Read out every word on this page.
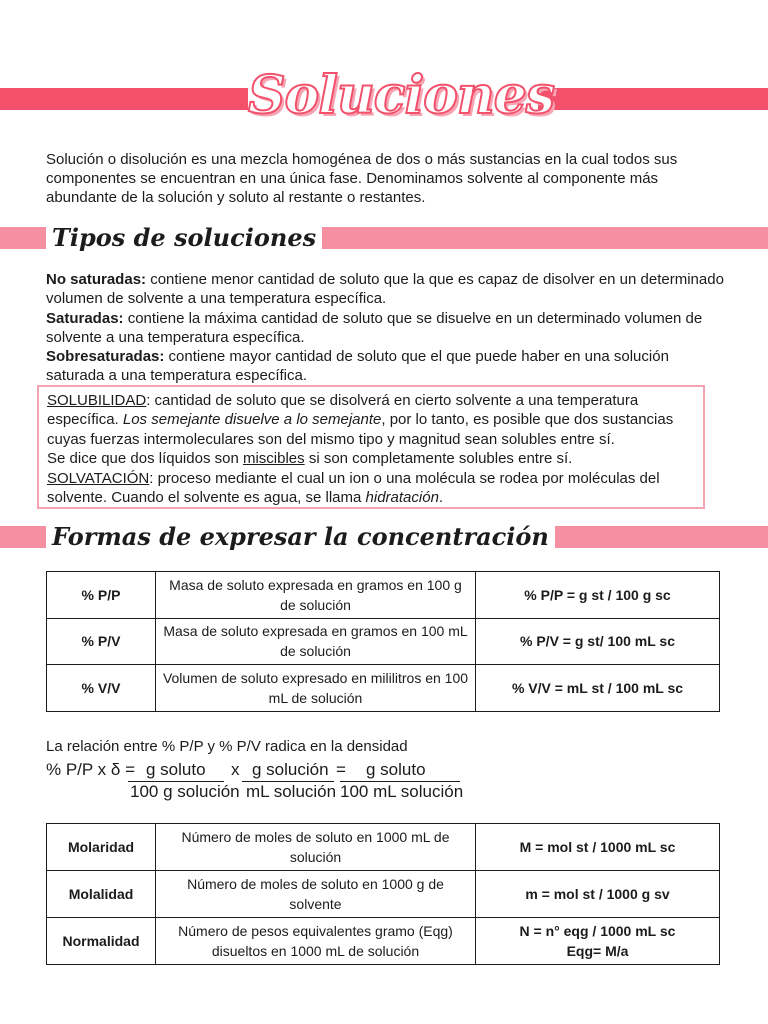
Soluciones

Solución o disolución es una mezcla homogénea de dos o más sustancias en la cual todos sus componentes se encuentran en una única fase. Denominamos solvente al componente más abundante de la solución y soluto al restante o restantes.

Tipos de soluciones

No saturadas: contiene menor cantidad de soluto que la que es capaz de disolver en un determinado volumen de solvente a una temperatura específica.

Saturadas: contiene la máxima cantidad de soluto que se disuelve en un determinado volumen de solvente a una temperatura específica.

Sobresaturadas: contiene mayor cantidad de soluto que el que puede haber en una solución saturada a una temperatura específica.

SOLUBILIDAD: cantidad de soluto que se disolverá en cierto solvente a una temperatura específica. Los semejante disuelve a lo semejante, por lo tanto, es posible que dos sustancias cuyas fuerzas intermoleculares son del mismo tipo y magnitud sean solubles entre sí.

Se dice que dos líquidos son miscibles si son completamente solubles entre sí.

SOLVATACIÓN: proceso mediante el cual un ion o una molécula se rodea por moléculas del solvente. Cuando el solvente es agua, se llama hidratación.

Formas de expresar la concentración
% P/P	Masa de soluto expresada en gramos en 100 g de solución	% P/P = g st / 100 g sc
% P/V	Masa de soluto expresada en gramos en 100 mL de solución	% P/V = g st/ 100 mL sc
% V/V	Volumen de soluto expresado en mililitros en 100 mL de solución	% V/V = mL st / 100 mL sc
La relación entre % P/P y % P/V radica en la densidad
% P/P x δ = g soluto
100 g solución
x g solución
mL solución
= g soluto
100 mL solución
Molaridad	Número de moles de soluto en 1000 mL de solución	M = mol st / 1000 mL sc
Molalidad	Número de moles de soluto en 1000 g de solvente	m = mol st / 1000 g sv
Normalidad	Número de pesos equivalentes gramo (Eqg) disueltos en 1000 mL de solución	N = n° eqg / 1000 mL sc
Eqg= M/a
